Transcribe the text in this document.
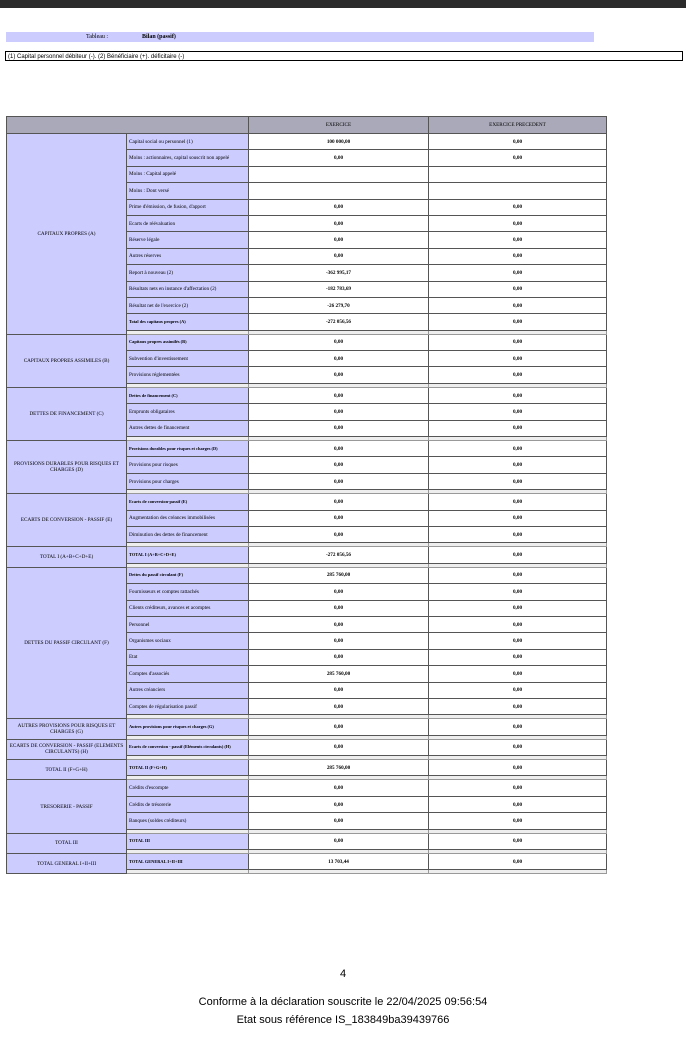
Tableau :	Bilan (passif)
(1) Capital personnel débiteur (-). (2) Bénéficiaire (+). déficitaire (-)
		EXERCICE	EXERCICE PRECEDENT
CAPITAUX PROPRES (A)	Capital social ou personnel (1)	100 000,00	0,00
	Moins : actionnaires, capital souscrit non appelé	0,00	0,00
	Moins : Capital appelé		
	Moins : Dont versé		
	Prime d'émission, de fusion, d'apport	0,00	0,00
	Ecarts de réévaluation	0,00	0,00
	Réserve légale	0,00	0,00
	Autres réserves	0,00	0,00
	Report à nouveau (2)	-362 995,17	0,00
	Résultats nets en instance d'affectation (2)	-182 783,69	0,00
	Résultat net de l'exercice (2)	-26 279,70	0,00
	Total des capitaux propres (A)	-272 056,56	0,00

CAPITAUX PROPRES ASSIMILES (B)	Capitaux propres assimilés (B)	0,00	0,00
	Subvention d'investissement	0,00	0,00
	Provisions réglementées	0,00	0,00

DETTES DE FINANCEMENT (C)	Dettes de financement (C)	0,00	0,00
	Emprunts obligataires	0,00	0,00
	Autres dettes de financement	0,00	0,00

PROVISIONS DURABLES POUR RISQUES ET CHARGES (D)	Provisions durables pour risques et charges (D)	0,00	0,00
	Provisions pour risques	0,00	0,00
	Provisions pour charges	0,00	0,00

ECARTS DE CONVERSION - PASSIF (E)	Ecarts de conversion-passif (E)	0,00	0,00
	Augmentation des créances immobilisées	0,00	0,00
	Diminution des dettes de financement	0,00	0,00

TOTAL I (A+B+C+D+E)	TOTAL I (A+B+C+D+E)	-272 056,56	0,00

DETTES DU PASSIF CIRCULANT (F)	Dettes du passif circulant (F)	285 760,00	0,00
	Fournisseurs et comptes rattachés	0,00	0,00
	Clients créditeurs, avances et acomptes	0,00	0,00
	Personnel	0,00	0,00
	Organismes sociaux	0,00	0,00
	Etat	0,00	0,00
	Comptes d'associés	285 760,00	0,00
	Autres créanciers	0,00	0,00
	Comptes de régularisation passif	0,00	0,00

AUTRES PROVISIONS POUR RISQUES ET CHARGES (G)	Autres provisions pour risques et charges (G)	0,00	0,00

ECARTS DE CONVERSION - PASSIF (ELEMENTS CIRCULANTS) (H)	Ecarts de conversion - passif (Eléments circulants) (H)	0,00	0,00

TOTAL II (F+G+H)	TOTAL II (F+G+H)	285 760,00	0,00

TRESORERIE - PASSIF	Crédits d'escompte	0,00	0,00
	Crédits de trésorerie	0,00	0,00
	Banques (soldes créditeurs)	0,00	0,00

TOTAL III	TOTAL III	0,00	0,00

TOTAL GENERAL I+II+III	TOTAL GENERAL I+II+III	13 703,44	0,00

4
Conforme à la déclaration souscrite le 22/04/2025 09:56:54
Etat sous référence IS_183849ba39439766
